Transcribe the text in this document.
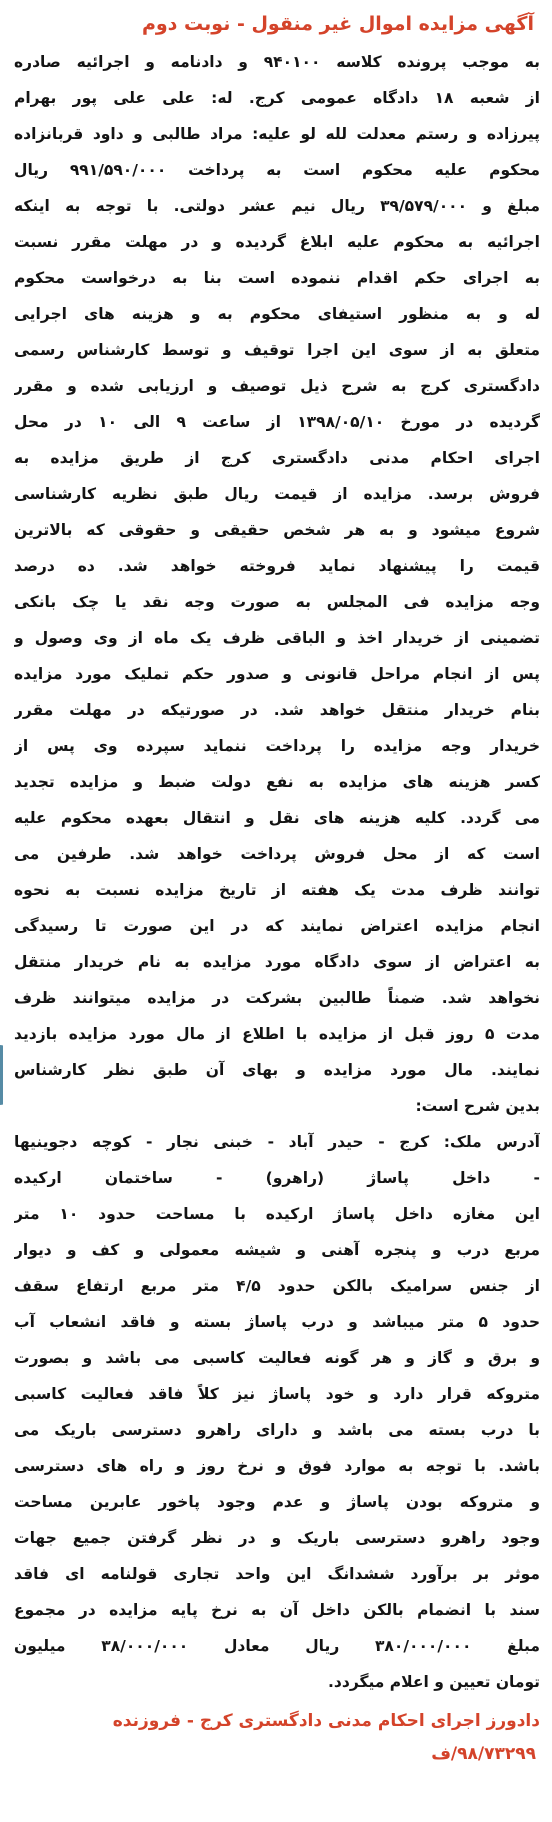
آگهی مزایده اموال غیر منقول - نوبت دوم
به موجب پرونده کلاسه ۹۴۰۱۰۰ و دادنامه و اجرائیه صادره
از شعبه ۱۸ دادگاه عمومی کرج. له: علی علی پور بهرام
پیرزاده و رستم معدلت لله لو علیه: مراد طالبی و داود قربانزاده
محکوم علیه محکوم است به پرداخت ۹۹۱/۵۹۰/۰۰۰ ریال
مبلغ و ۳۹/۵۷۹/۰۰۰ ریال نیم عشر دولتی. با توجه به اینکه
اجرائیه به محکوم علیه ابلاغ گردیده و در مهلت مقرر نسبت
به اجرای حکم اقدام ننموده است بنا به درخواست محکوم
له و به منظور استیفای محکوم به و هزینه های اجرایی
متعلق به از سوی این اجرا توقیف و توسط کارشناس رسمی
دادگستری کرج به شرح ذیل توصیف و ارزیابی شده و مقرر
گردیده در مورخ ۱۳۹۸/۰۵/۱۰ از ساعت ۹ الی ۱۰ در محل
اجرای احکام مدنی دادگستری کرج از طریق مزایده به
فروش برسد. مزایده از قیمت ریال طبق نظریه کارشناسی
شروع میشود و به هر شخص حقیقی و حقوقی که بالاترین
قیمت را پیشنهاد نماید فروخته خواهد شد. ده درصد
وجه مزایده فی المجلس به صورت وجه نقد یا چک بانکی
تضمینی از خریدار اخذ و الباقی ظرف یک ماه از وی وصول و
پس از انجام مراحل قانونی و صدور حکم تملیک مورد مزایده
بنام خریدار منتقل خواهد شد. در صورتیکه در مهلت مقرر
خریدار وجه مزایده را پرداخت ننماید سپرده وی پس از
کسر هزینه های مزایده به نفع دولت ضبط و مزایده تجدید
می گردد. کلیه هزینه های نقل و انتقال بعهده محکوم علیه
است که از محل فروش پرداخت خواهد شد. طرفین می
توانند ظرف مدت یک هفته از تاریخ مزایده نسبت به نحوه
انجام مزایده اعتراض نمایند که در این صورت تا رسیدگی
به اعتراض از سوی دادگاه مورد مزایده به نام خریدار منتقل
نخواهد شد. ضمناً طالبین بشرکت در مزایده میتوانند ظرف
مدت ۵ روز قبل از مزایده با اطلاع از مال مورد مزایده بازدید
نمایند. مال مورد مزایده و بهای آن طبق نظر کارشناس
بدین شرح است:
آدرس ملک: کرج - حیدر آباد - خبنی نجار - کوچه دجوینیها
- داخل پاساژ (راهرو) - ساختمان ارکیده
این مغازه داخل پاساژ ارکیده با مساحت حدود ۱۰ متر
مربع درب و پنجره آهنی و شیشه معمولی و کف و دیوار
از جنس سرامیک بالکن حدود ۴/۵ متر مربع ارتفاع سقف
حدود ۵ متر میباشد و درب پاساژ بسته و فاقد انشعاب آب
و برق و گاز و هر گونه فعالیت کاسبی می باشد و بصورت
متروکه قرار دارد و خود پاساژ نیز کلاً فاقد فعالیت کاسبی
با درب بسته می باشد و دارای راهرو دسترسی باریک می
باشد. با توجه به موارد فوق و نرخ روز و راه های دسترسی
و متروکه بودن پاساژ و عدم وجود پاخور عابرین مساحت
وجود راهرو دسترسی باریک و در نظر گرفتن جمیع جهات
موثر بر برآورد ششدانگ این واحد تجاری قولنامه ای فاقد
سند با انضمام بالکن داخل آن به نرخ پایه مزایده در مجموع
مبلغ ۳۸۰/۰۰۰/۰۰۰ ریال معادل ۳۸/۰۰۰/۰۰۰ میلیون
تومان تعیین و اعلام میگردد.
دادورز اجرای احکام مدنی دادگستری کرج - فروزنده
۹۸/۷۳۲۹۹/ف
